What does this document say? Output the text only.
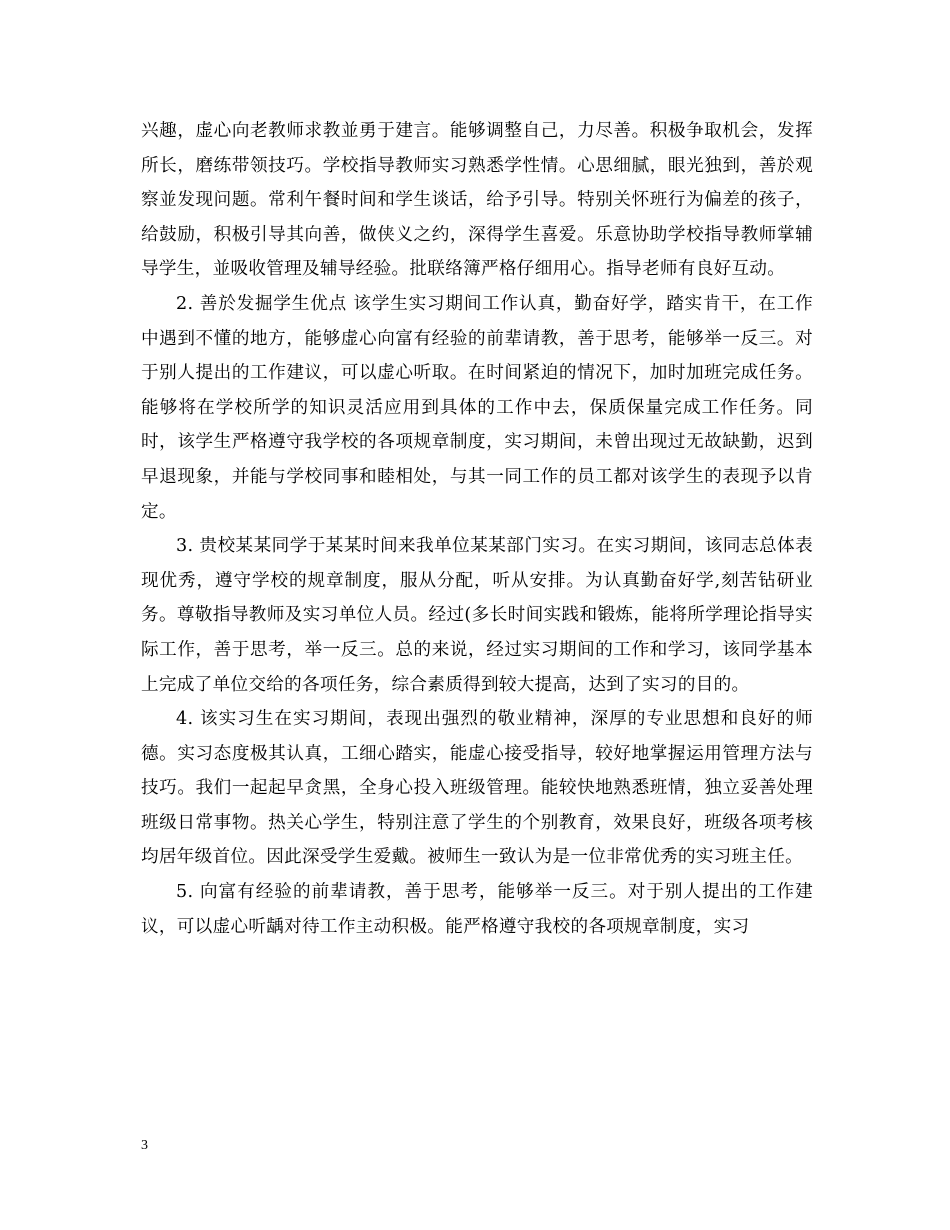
兴趣，虚心向老教师求教並勇于建言。能够调整自己，力尽善。积极争取机会，发挥所长，磨练带领技巧。学校指导教师实习熟悉学性情。心思细腻，眼光独到，善於观察並发现问题。常利午餐时间和学生谈话，给予引导。特别关怀班行为偏差的孩子，给鼓励，积极引导其向善，做侠义之约，深得学生喜爱。乐意协助学校指导教师掌辅导学生，並吸收管理及辅导经验。批联络簿严格仔细用心。指导老师有良好互动。

2. 善於发掘学生优点 该学生实习期间工作认真，勤奋好学，踏实肯干，在工作中遇到不懂的地方，能够虚心向富有经验的前辈请教，善于思考，能够举一反三。对于别人提出的工作建议，可以虚心听取。在时间紧迫的情况下，加时加班完成任务。能够将在学校所学的知识灵活应用到具体的工作中去，保质保量完成工作任务。同时，该学生严格遵守我学校的各项规章制度，实习期间，未曾出现过无故缺勤，迟到早退现象，并能与学校同事和睦相处，与其一同工作的员工都对该学生的表现予以肯定。

3. 贵校某某同学于某某时间来我单位某某部门实习。在实习期间，该同志总体表现优秀，遵守学校的规章制度，服从分配，听从安排。为认真勤奋好学,刻苦钻研业务。尊敬指导教师及实习单位人员。经过(多长时间实践和锻炼，能将所学理论指导实际工作，善于思考，举一反三。总的来说，经过实习期间的工作和学习，该同学基本上完成了单位交给的各项任务，综合素质得到较大提高，达到了实习的目的。

4. 该实习生在实习期间，表现出强烈的敬业精神，深厚的专业思想和良好的师德。实习态度极其认真，工细心踏实，能虚心接受指导，较好地掌握运用管理方法与技巧。我们一起起早贪黑，全身心投入班级管理。能较快地熟悉班情，独立妥善处理班级日常事物。热关心学生，特别注意了学生的个别教育，效果良好，班级各项考核均居年级首位。因此深受学生爱戴。被师生一致认为是一位非常优秀的实习班主任。

5. 向富有经验的前辈请教，善于思考，能够举一反三。对于别人提出的工作建议，可以虚心听龋对待工作主动积极。能严格遵守我校的各项规章制度，实习

3
